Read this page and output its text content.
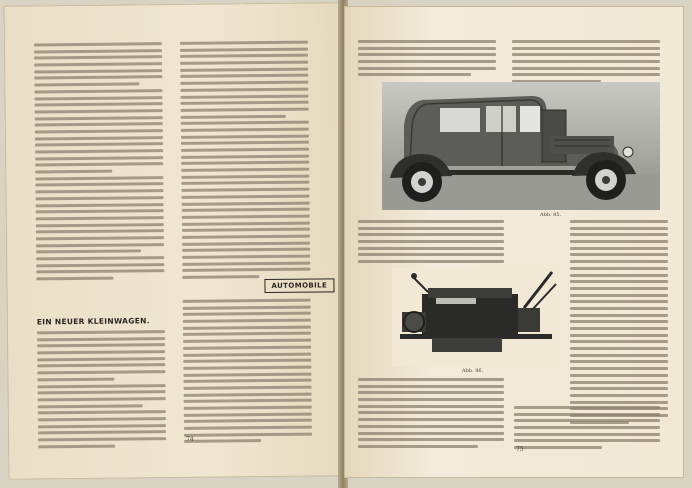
AUTOMOBILE
EIN NEUER KLEINWAGEN.
74
Abb. 85.
Abb. 86.
75
